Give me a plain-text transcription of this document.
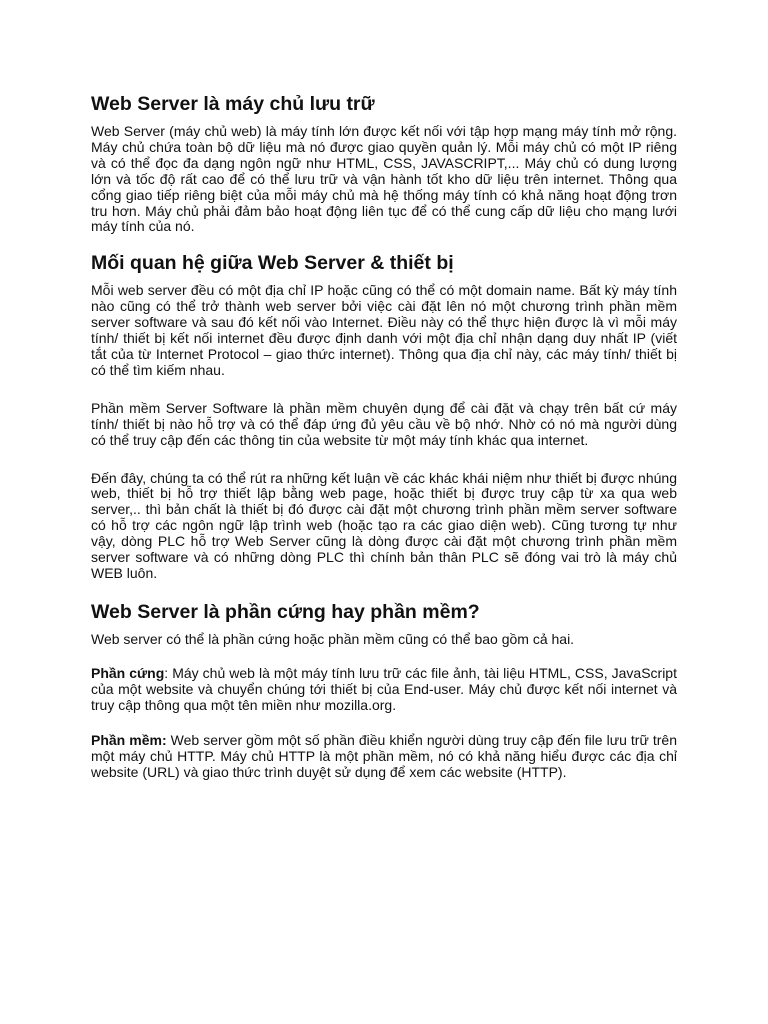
Web Server là máy chủ lưu trữ

Web Server (máy chủ web) là máy tính lớn được kết nối với tập hợp mạng máy tính mở rộng. Máy chủ chứa toàn bộ dữ liệu mà nó được giao quyền quản lý. Mỗi máy chủ có một IP riêng và có thể đọc đa dạng ngôn ngữ như HTML, CSS, JAVASCRIPT,... Máy chủ có dung lượng lớn và tốc độ rất cao để có thể lưu trữ và vận hành tốt kho dữ liệu trên internet. Thông qua cổng giao tiếp riêng biệt của mỗi máy chủ mà hệ thống máy tính có khả năng hoạt động trơn tru hơn. Máy chủ phải đảm bảo hoạt động liên tục để có thể cung cấp dữ liệu cho mạng lưới máy tính của nó.

Mối quan hệ giữa Web Server & thiết bị

Mỗi web server đều có một địa chỉ IP hoặc cũng có thể có một domain name. Bất kỳ máy tính nào cũng có thể trở thành web server bởi việc cài đặt lên nó một chương trình phần mềm server software và sau đó kết nối vào Internet. Điều này có thể thực hiện được là vì mỗi máy tính/ thiết bị kết nối internet đều được định danh với một địa chỉ nhận dạng duy nhất IP (viết tắt của từ Internet Protocol – giao thức internet). Thông qua địa chỉ này, các máy tính/ thiết bị có thể tìm kiếm nhau.

Phần mềm Server Software là phần mềm chuyên dụng để cài đặt và chạy trên bất cứ máy tính/ thiết bị nào hỗ trợ và có thể đáp ứng đủ yêu cầu về bộ nhớ. Nhờ có nó mà người dùng có thể truy cập đến các thông tin của website từ một máy tính khác qua internet.

Đến đây, chúng ta có thể rút ra những kết luận về các khác khái niệm như thiết bị được nhúng web, thiết bị hỗ trợ thiết lập bằng web page, hoặc thiết bị được truy cập từ xa qua web server,.. thì bản chất là thiết bị đó được cài đặt một chương trình phần mềm server software có hỗ trợ các ngôn ngữ lập trình web (hoặc tạo ra các giao diện web). Cũng tương tự như vậy, dòng PLC hỗ trợ Web Server cũng là dòng được cài đặt một chương trình phần mềm server software và có những dòng PLC thì chính bản thân PLC sẽ đóng vai trò là máy chủ WEB luôn.

Web Server là phần cứng hay phần mềm?

Web server có thể là phần cứng hoặc phần mềm cũng có thể bao gồm cả hai.

Phần cứng: Máy chủ web là một máy tính lưu trữ các file ảnh, tài liệu HTML, CSS, JavaScript của một website và chuyển chúng tới thiết bị của End-user. Máy chủ được kết nối internet và truy cập thông qua một tên miền như mozilla.org.

Phần mềm: Web server gồm một số phần điều khiển người dùng truy cập đến file lưu trữ trên một máy chủ HTTP. Máy chủ HTTP là một phần mềm, nó có khả năng hiểu được các địa chỉ website (URL) và giao thức trình duyệt sử dụng để xem các website (HTTP).
